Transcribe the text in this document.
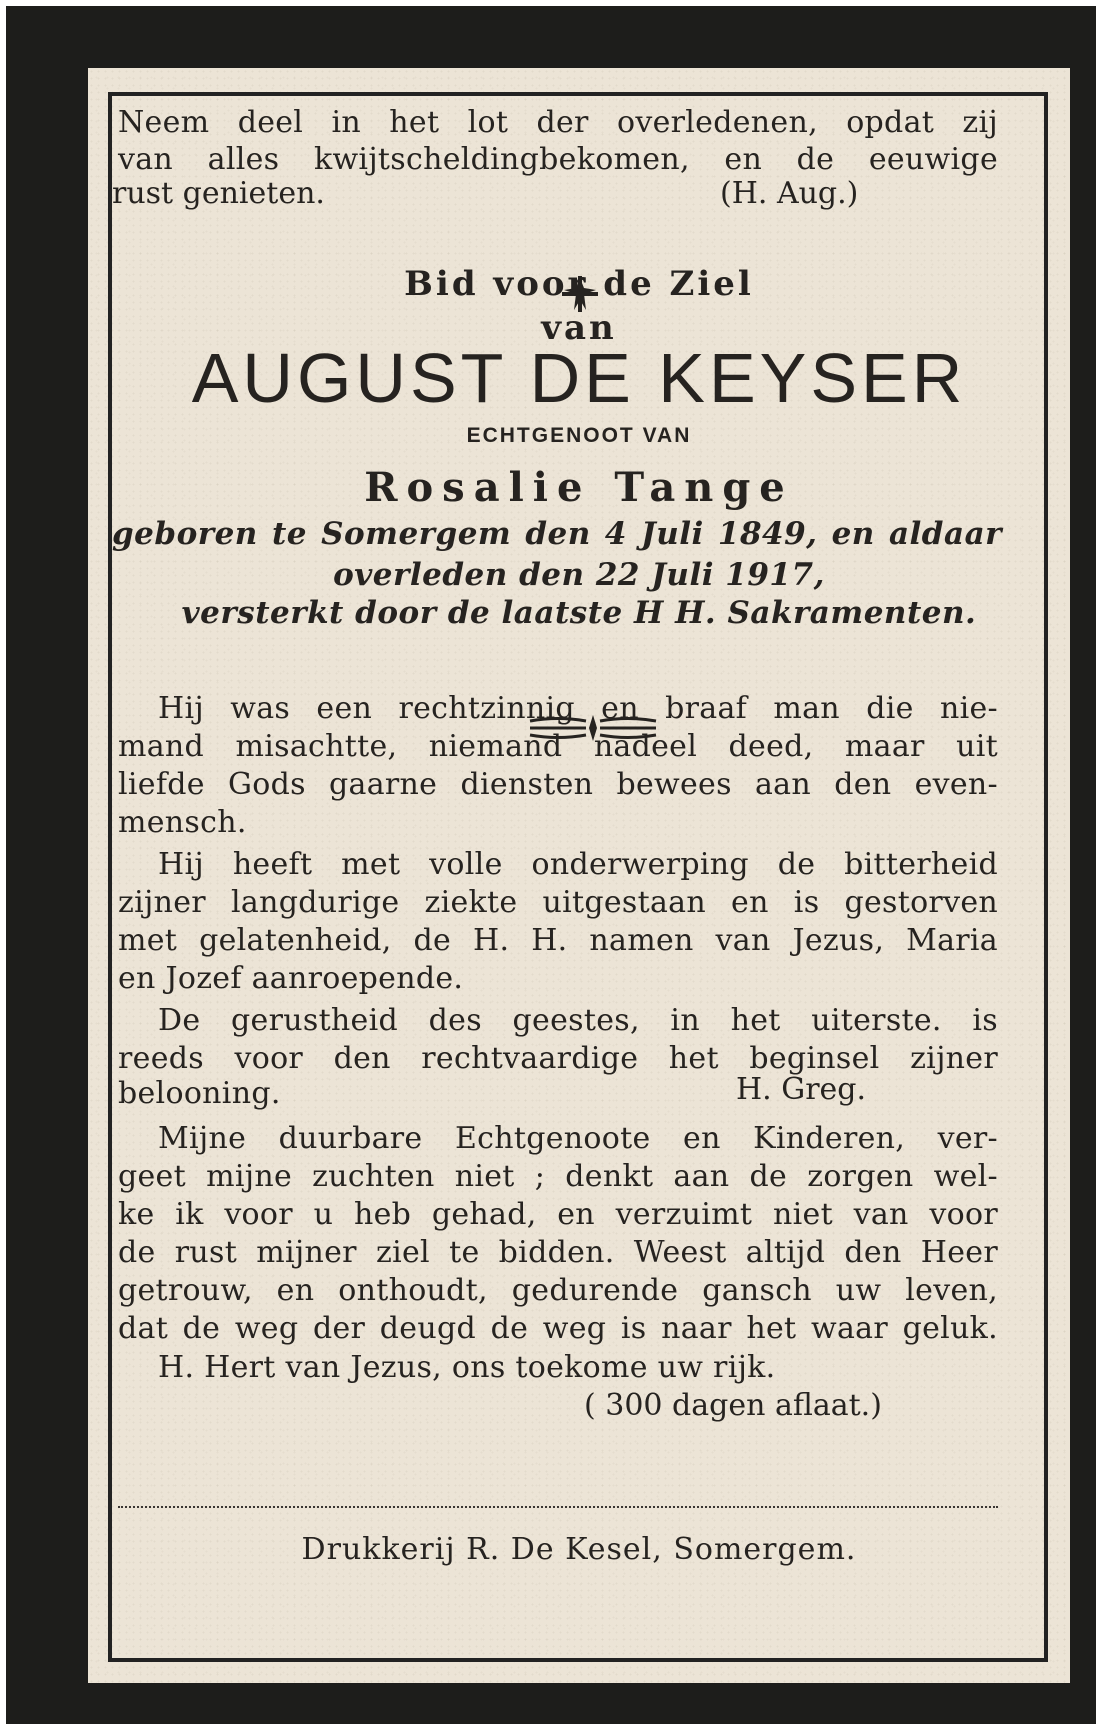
Neem deel in het lot der overledenen, opdat zij

van alles kwijtscheldingbekomen, en de eeuwige

rust genieten.	(H. Aug.)

Bid voor de Ziel

van

AUGUST DE KEYSER

ECHTGENOOT VAN

Rosalie Tange

geboren te Somergem den 4 Juli 1849, en aldaar

overleden den 22 Juli 1917,

versterkt door de laatste H H. Sakramenten.

Hij was een rechtzinnig en braaf man die nie-

mand misachtte, niemand nadeel deed, maar uit

liefde Gods gaarne diensten bewees aan den even-

mensch.

Hij heeft met volle onderwerping de bitterheid

zijner langdurige ziekte uitgestaan en is gestorven

met gelatenheid, de H. H. namen van Jezus, Maria

en Jozef aanroepende.

De gerustheid des geestes, in het uiterste. is

reeds voor den rechtvaardige het beginsel zijner

belooning.	H. Greg.

Mijne duurbare Echtgenoote en Kinderen, ver-

geet mijne zuchten niet ; denkt aan de zorgen wel-

ke ik voor u heb gehad, en verzuimt niet van voor

de rust mijner ziel te bidden. Weest altijd den Heer

getrouw, en onthoudt, gedurende gansch uw leven,

dat de weg der deugd de weg is naar het waar geluk.

H. Hert van Jezus, ons toekome uw rijk.

( 300 dagen aflaat.)

Drukkerij R. De Kesel, Somergem.
